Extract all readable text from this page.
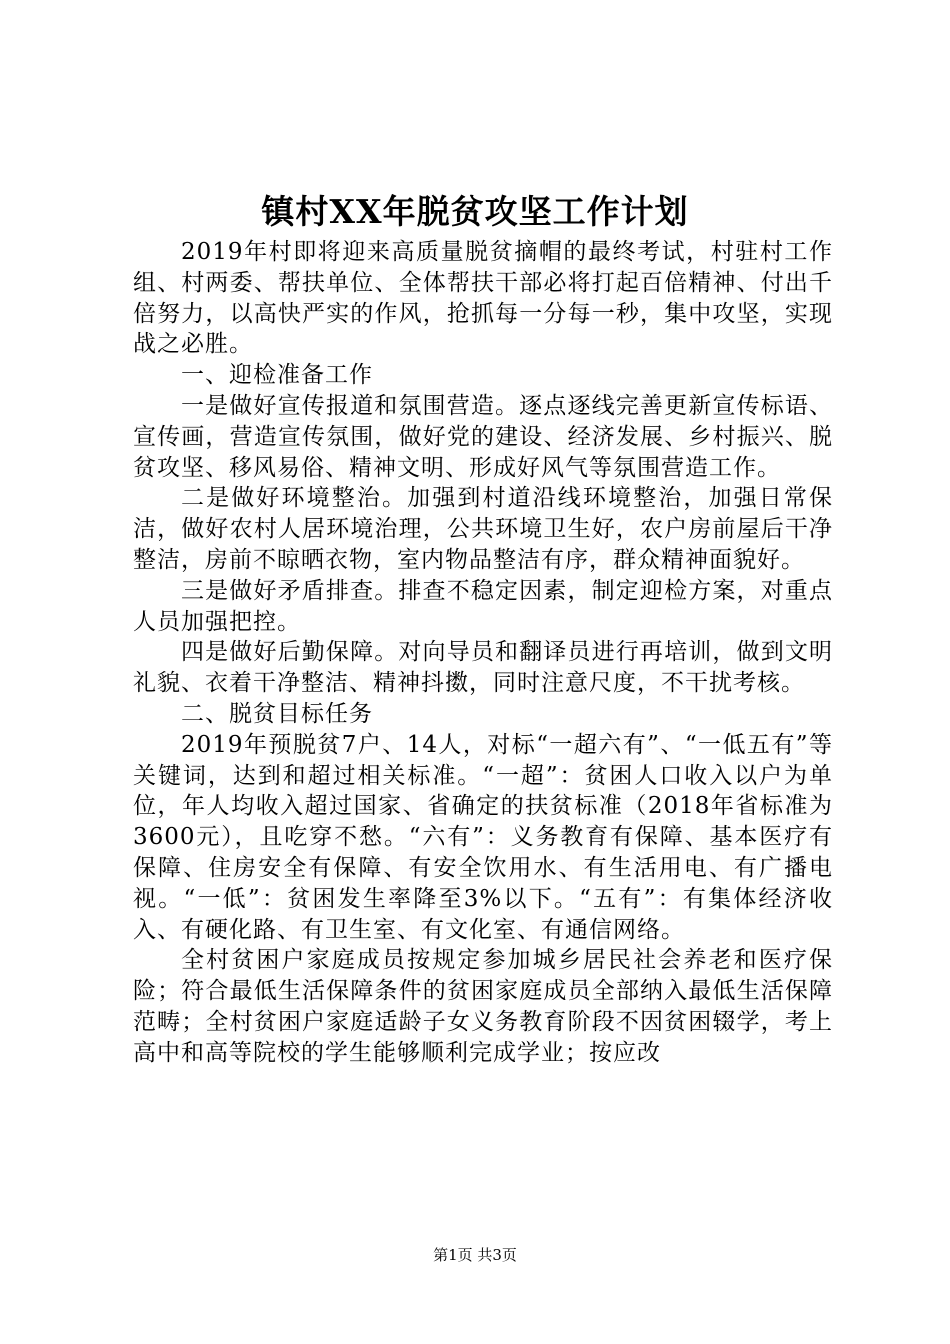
镇村XX年脱贫攻坚工作计划

2019年村即将迎来高质量脱贫摘帽的最终考试，村驻村工作组、村两委、帮扶单位、全体帮扶干部必将打起百倍精神、付出千倍努力，以高快严实的作风，抢抓每一分每一秒，集中攻坚，实现战之必胜。

一、迎检准备工作

一是做好宣传报道和氛围营造。逐点逐线完善更新宣传标语、宣传画，营造宣传氛围，做好党的建设、经济发展、乡村振兴、脱贫攻坚、移风易俗、精神文明、形成好风气等氛围营造工作。

二是做好环境整治。加强到村道沿线环境整治，加强日常保洁，做好农村人居环境治理，公共环境卫生好，农户房前屋后干净整洁，房前不晾晒衣物，室内物品整洁有序，群众精神面貌好。

三是做好矛盾排查。排查不稳定因素，制定迎检方案，对重点人员加强把控。

四是做好后勤保障。对向导员和翻译员进行再培训，做到文明礼貌、衣着干净整洁、精神抖擞，同时注意尺度，不干扰考核。

二、脱贫目标任务

2019年预脱贫7户、14人，对标“一超六有”、“一低五有”等关键词，达到和超过相关标准。“一超”：贫困人口收入以户为单位，年人均收入超过国家、省确定的扶贫标准（2018年省标准为3600元），且吃穿不愁。“六有”：义务教育有保障、基本医疗有保障、住房安全有保障、有安全饮用水、有生活用电、有广播电视。“一低”：贫困发生率降至3%以下。“五有”：有集体经济收入、有硬化路、有卫生室、有文化室、有通信网络。

全村贫困户家庭成员按规定参加城乡居民社会养老和医疗保险；符合最低生活保障条件的贫困家庭成员全部纳入最低生活保障范畴；全村贫困户家庭适龄子女义务教育阶段不因贫困辍学，考上高中和高等院校的学生能够顺利完成学业；按应改

第1页 共3页
